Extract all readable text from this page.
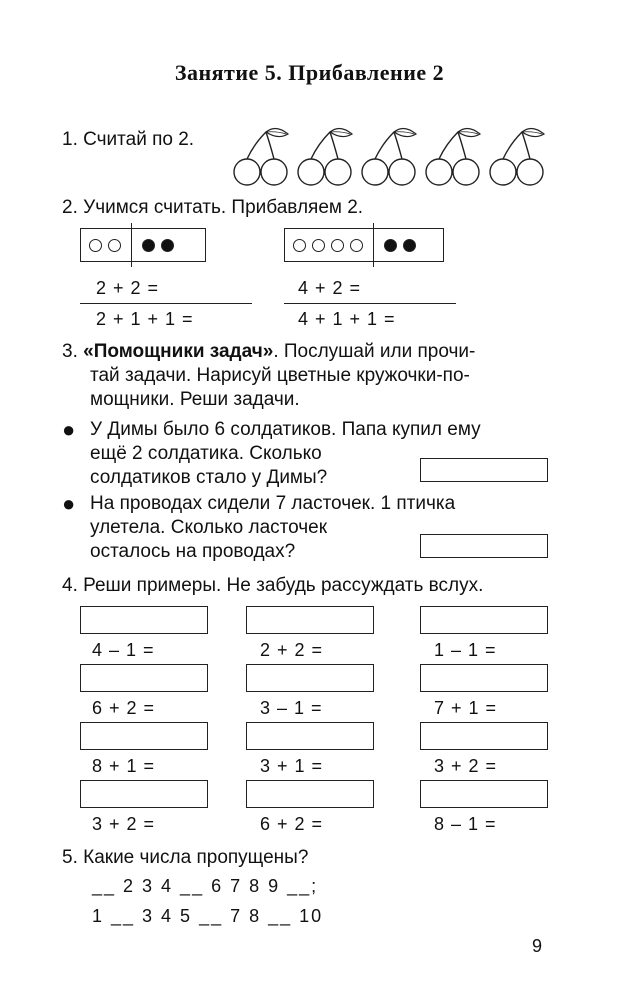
Занятие 5. Прибавление 2
1. Считай по 2.
2. Учимся считать. Прибавляем 2.
2 + 2 =
2 + 1 + 1 =
4 + 2 =
4 + 1 + 1 =
3. «Помощники задач». Послушай или прочи-
тай задачи. Нарисуй цветные кружочки-по-
мощники. Реши задачи.
● У Димы было 6 солдатиков. Папа купил ему
ещё 2 солдатика. Сколько
солдатиков стало у Димы?
● На проводах сидели 7 ласточек. 1 птичка
улетела. Сколько ласточек
осталось на проводах?
4. Реши примеры. Не забудь рассуждать вслух.
4 – 1 =	2 + 2 =	1 – 1 =
6 + 2 =	3 – 1 =	7 + 1 =
8 + 1 =	3 + 1 =	3 + 2 =
3 + 2 =	6 + 2 =	8 – 1 =
5. Какие числа пропущены?
__ 2 3 4 __ 6 7 8 9 __;
1 __ 3 4 5 __ 7 8 __ 10
9
